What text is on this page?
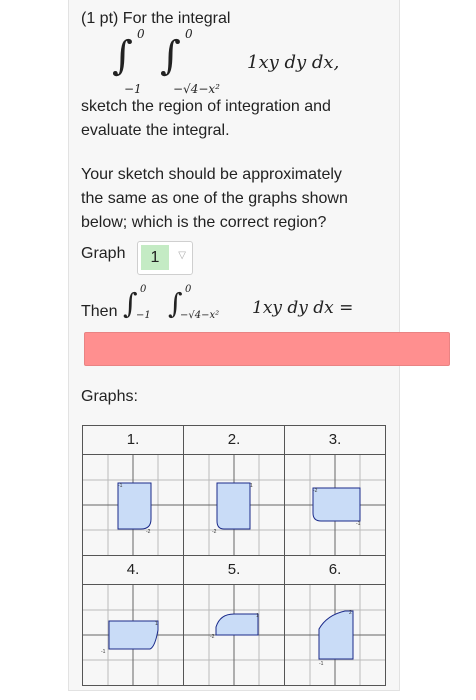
(1 pt) For the integral
∫ 0
−1
∫ 0
−√4−x²
1xy dy dx,
sketch the region of integration and
evaluate the integral.
Your sketch should be approximately
the same as one of the graphs shown
below; which is the correct region?
Graph	1	▽
Then ∫ 0
−1 ∫ 0
−√4−x² 1xy dy dx =
Graphs:
1.	2.	3.

-1
-2	1
-2	-2
-1

4.	5.	6.

1
-1	1
-2	2
-1
